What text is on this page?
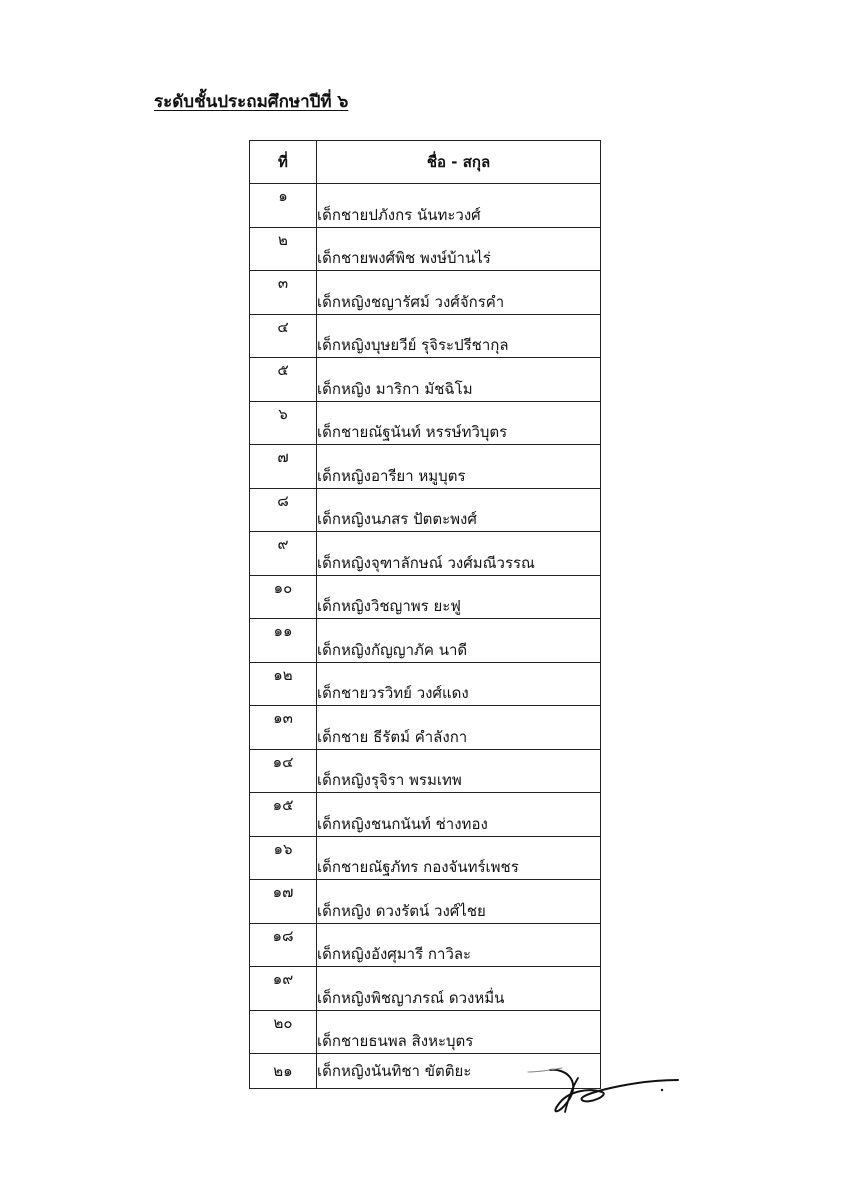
ระดับชั้นประถมศึกษาปีที่ ๖
ที่	ชื่อ - สกุล
๑	เด็กชายปภังกร นันทะวงศ์
๒	เด็กชายพงศ์พิช พงษ์บ้านไร่
๓	เด็กหญิงชญารัศม์ วงศ์จักรคำ
๔	เด็กหญิงบุษยวีย์ รุจิระปรีชากุล
๕	เด็กหญิง มาริกา มัชฉิโม
๖	เด็กชายณัฐนันท์ หรรษ์ทวิบุตร
๗	เด็กหญิงอารียา หมูบุตร
๘	เด็กหญิงนภสร ปัตตะพงศ์
๙	เด็กหญิงจุฑาลักษณ์ วงศ์มณีวรรณ
๑๐	เด็กหญิงวิชญาพร ยะฟู
๑๑	เด็กหญิงกัญญาภัค นาดี
๑๒	เด็กชายวรวิทย์ วงศ์แดง
๑๓	เด็กชาย ธีรัตม์ คำลังกา
๑๔	เด็กหญิงรุจิรา พรมเทพ
๑๕	เด็กหญิงชนกนันท์ ช่างทอง
๑๖	เด็กชายณัฐภัทร กองจันทร์เพชร
๑๗	เด็กหญิง ดวงรัตน์ วงศ์ไชย
๑๘	เด็กหญิงอังศุมารี กาวิละ
๑๙	เด็กหญิงพิชญาภรณ์ ดวงหมื่น
๒๐	เด็กชายธนพล สิงหะบุตร
๒๑	เด็กหญิงนันทิชา ขัตติยะ
